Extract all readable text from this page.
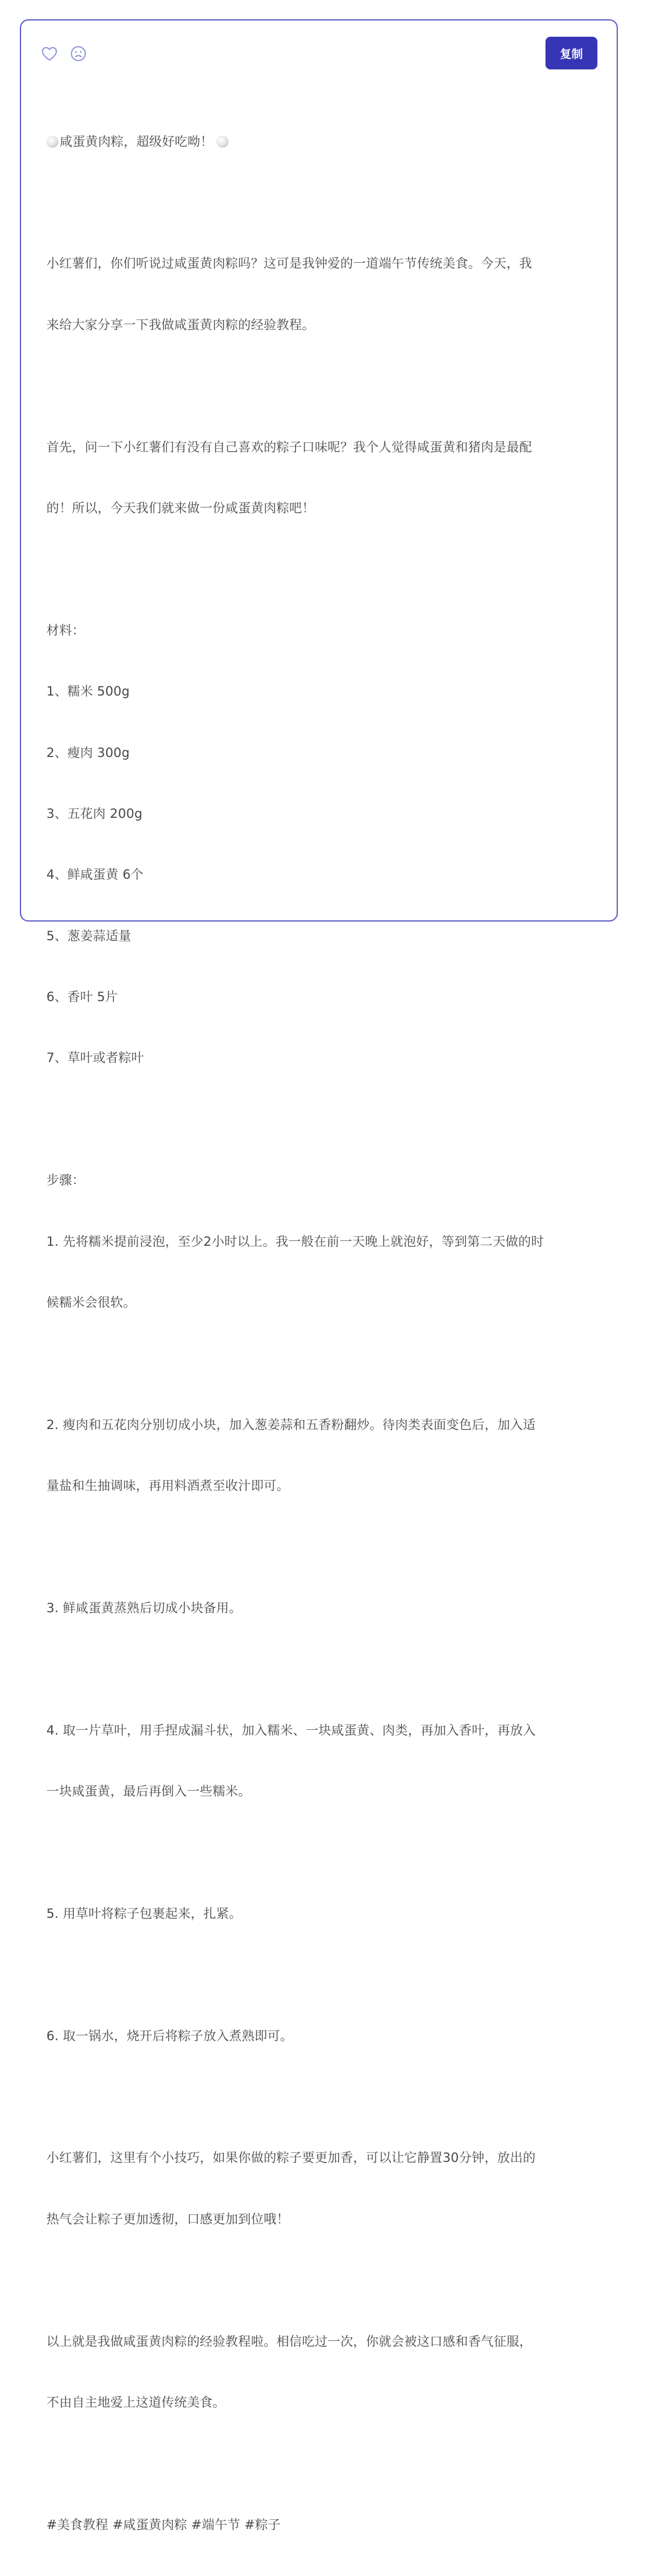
复制

咸蛋黄肉粽，超级好吃呦！

小红薯们，你们听说过咸蛋黄肉粽吗？这可是我钟爱的一道端午节传统美食。今天，我

来给大家分享一下我做咸蛋黄肉粽的经验教程。

首先，问一下小红薯们有没有自己喜欢的粽子口味呢？我个人觉得咸蛋黄和猪肉是最配

的！所以，今天我们就来做一份咸蛋黄肉粽吧！

材料：

1、糯米 500g

2、瘦肉 300g

3、五花肉 200g

4、鲜咸蛋黄 6个

5、葱姜蒜适量

6、香叶 5片

7、草叶或者粽叶

步骤：

1. 先将糯米提前浸泡，至少2小时以上。我一般在前一天晚上就泡好，等到第二天做的时

候糯米会很软。

2. 瘦肉和五花肉分别切成小块，加入葱姜蒜和五香粉翻炒。待肉类表面变色后，加入适

量盐和生抽调味，再用料酒煮至收汁即可。

3. 鲜咸蛋黄蒸熟后切成小块备用。

4. 取一片草叶，用手捏成漏斗状，加入糯米、一块咸蛋黄、肉类，再加入香叶，再放入

一块咸蛋黄，最后再倒入一些糯米。

5. 用草叶将粽子包裹起来，扎紧。

6. 取一锅水，烧开后将粽子放入煮熟即可。

小红薯们，这里有个小技巧，如果你做的粽子要更加香，可以让它静置30分钟，放出的

热气会让粽子更加透彻，口感更加到位哦！

以上就是我做咸蛋黄肉粽的经验教程啦。相信吃过一次，你就会被这口感和香气征服，

不由自主地爱上这道传统美食。

#美食教程 #咸蛋黄肉粽 #端午节 #粽子
